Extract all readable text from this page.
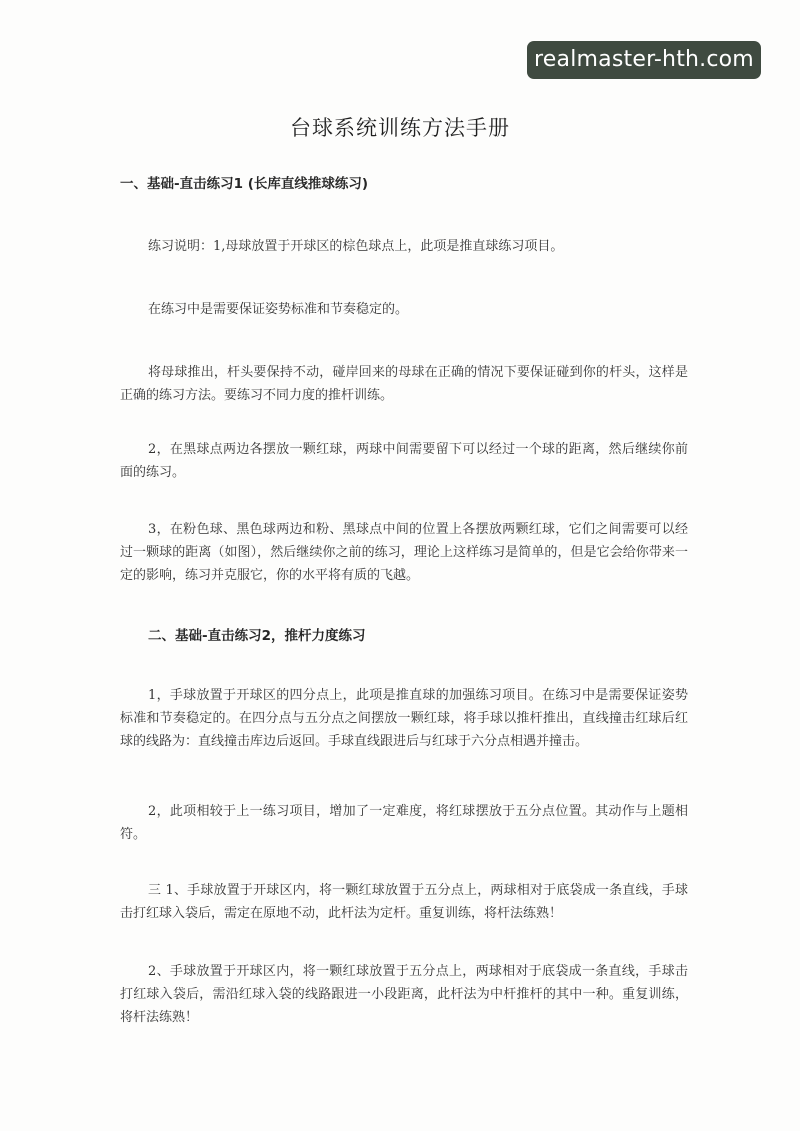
realmaster-hth.com
台球系统训练方法手册
一、基础-直击练习1 (长库直线推球练习)
练习说明：1,母球放置于开球区的棕色球点上，此项是推直球练习项目。
在练习中是需要保证姿势标准和节奏稳定的。
将母球推出，杆头要保持不动，碰岸回来的母球在正确的情况下要保证碰到你的杆头，这样是正确的练习方法。要练习不同力度的推杆训练。
2，在黑球点两边各摆放一颗红球，两球中间需要留下可以经过一个球的距离，然后继续你前面的练习。
3，在粉色球、黑色球两边和粉、黑球点中间的位置上各摆放两颗红球，它们之间需要可以经过一颗球的距离（如图），然后继续你之前的练习，理论上这样练习是简单的，但是它会给你带来一定的影响，练习并克服它，你的水平将有质的飞越。
二、基础-直击练习2，推杆力度练习
1，手球放置于开球区的四分点上，此项是推直球的加强练习项目。在练习中是需要保证姿势标准和节奏稳定的。在四分点与五分点之间摆放一颗红球，将手球以推杆推出，直线撞击红球后红球的线路为：直线撞击库边后返回。手球直线跟进后与红球于六分点相遇并撞击。
2，此项相较于上一练习项目，增加了一定难度，将红球摆放于五分点位置。其动作与上题相符。
三 1、手球放置于开球区内，将一颗红球放置于五分点上，两球相对于底袋成一条直线，手球击打红球入袋后，需定在原地不动，此杆法为定杆。重复训练，将杆法练熟！
2、手球放置于开球区内，将一颗红球放置于五分点上，两球相对于底袋成一条直线，手球击打红球入袋后，需沿红球入袋的线路跟进一小段距离，此杆法为中杆推杆的其中一种。重复训练，将杆法练熟！
